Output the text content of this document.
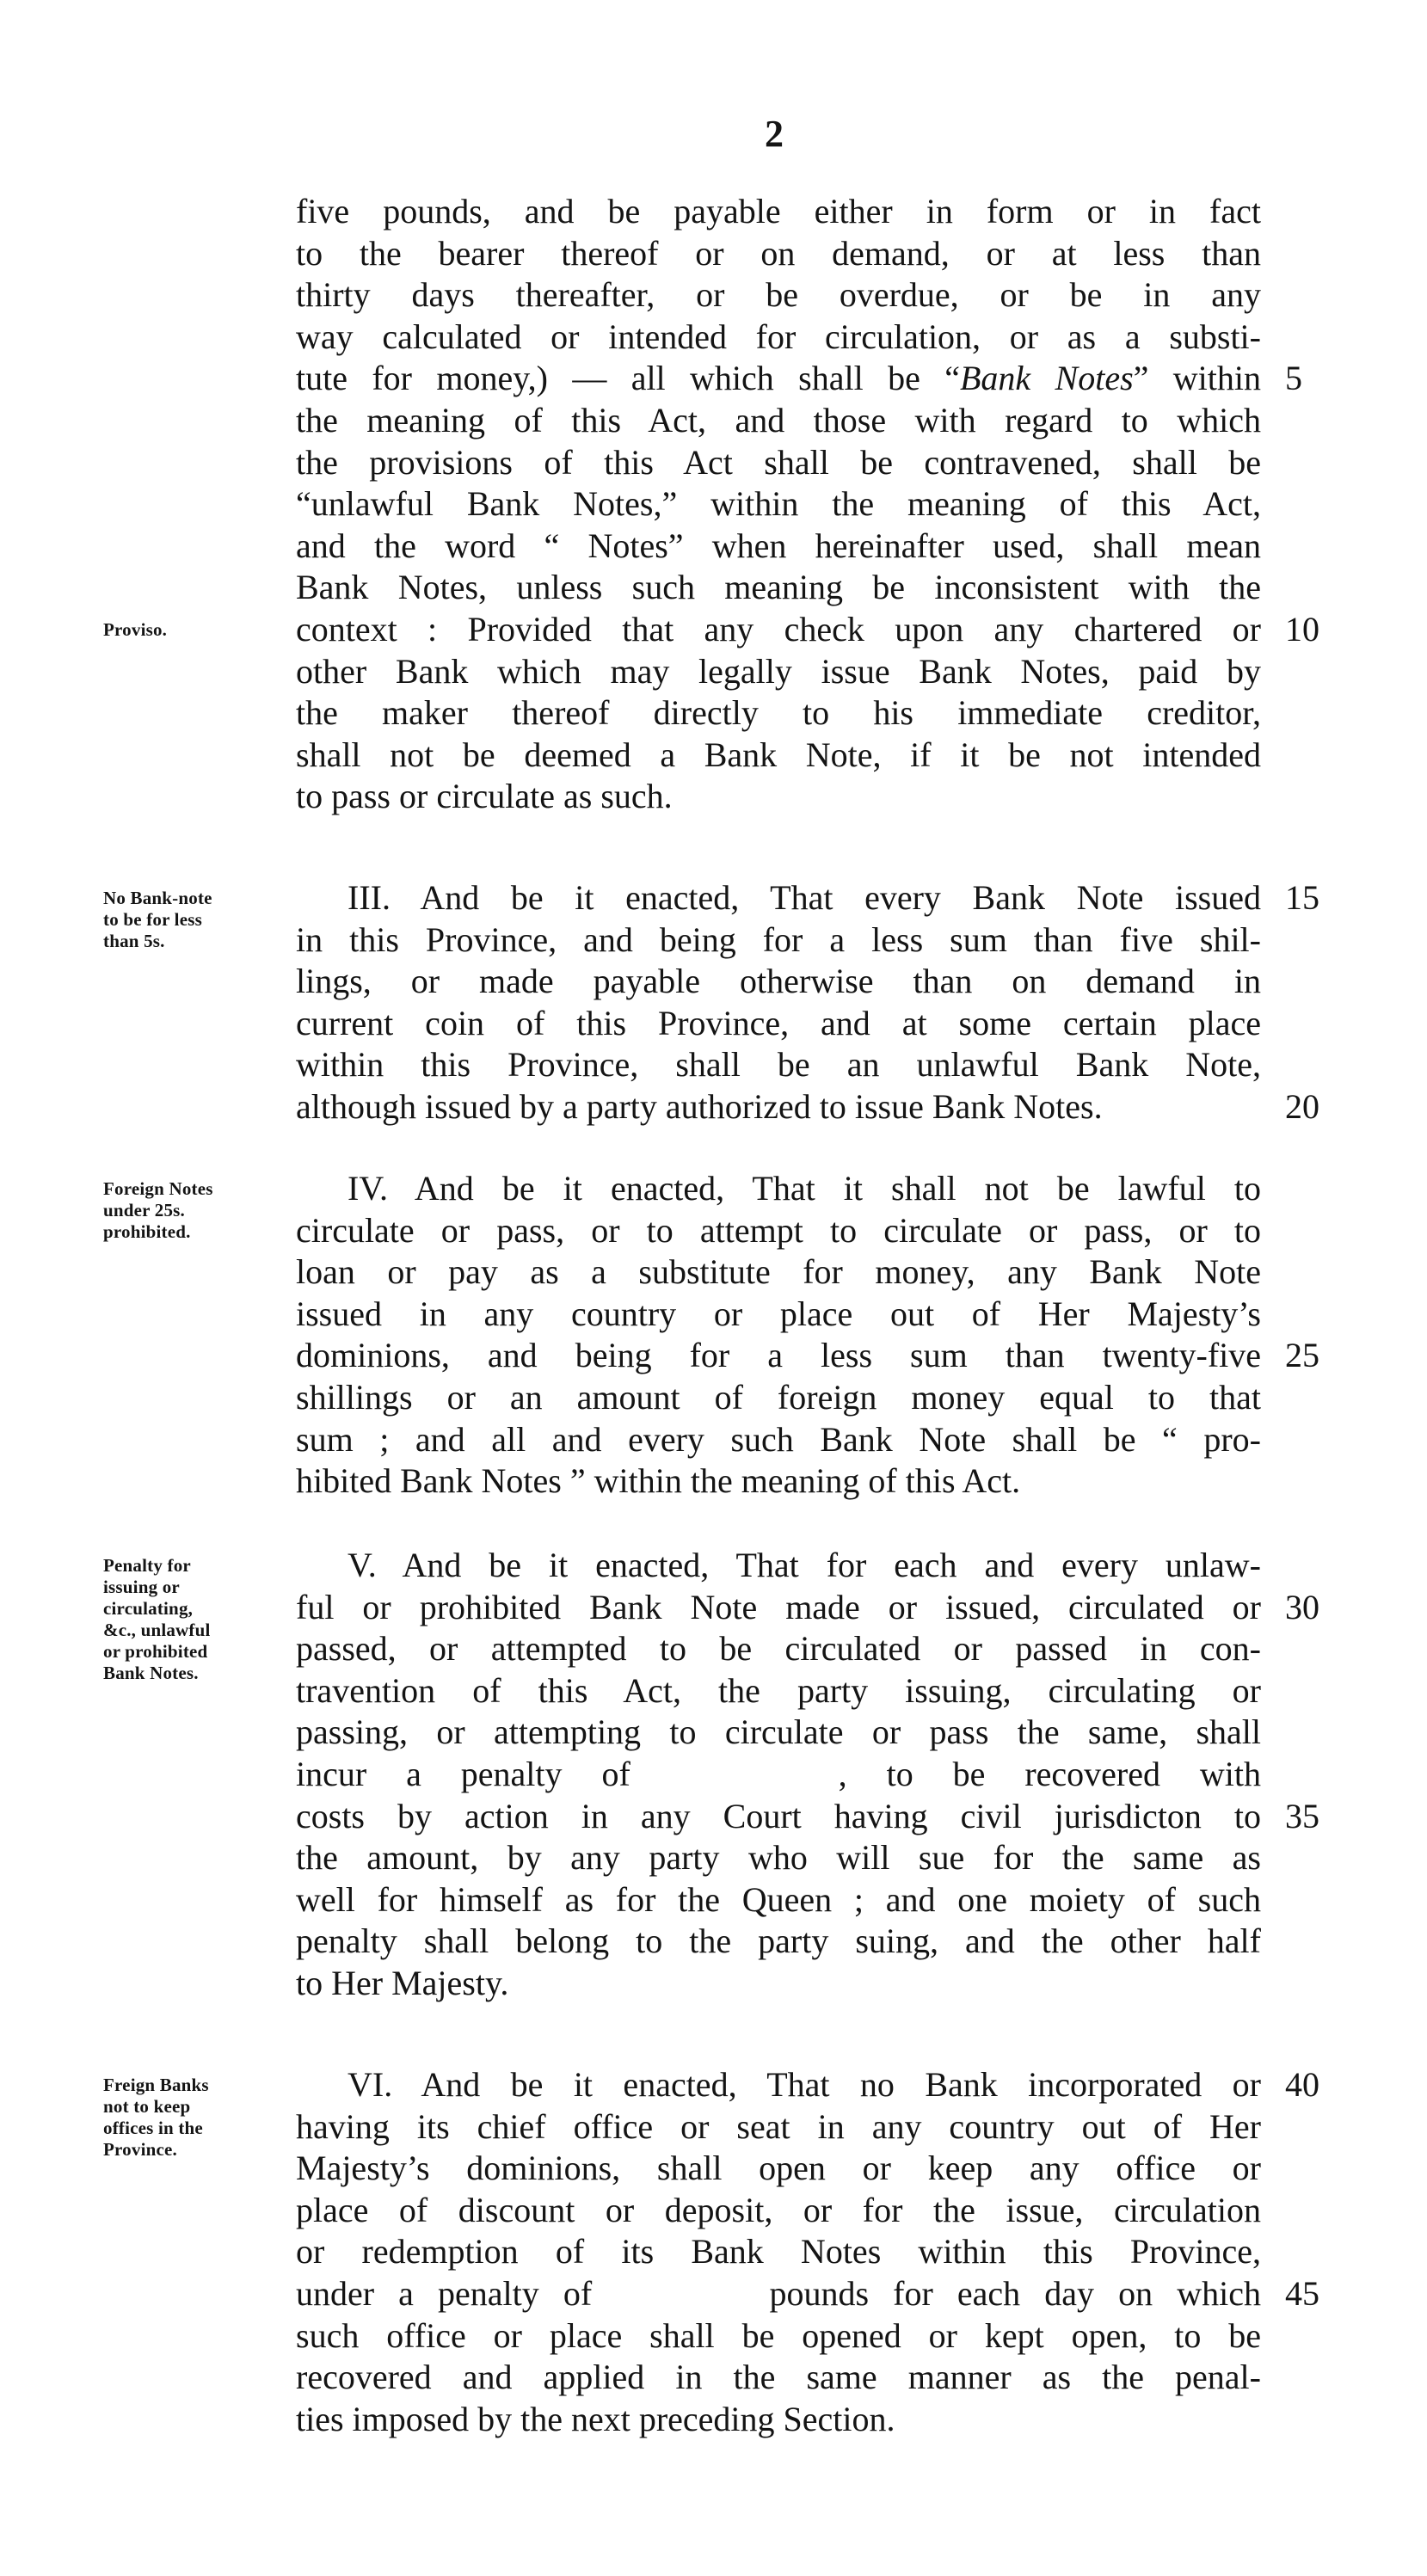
2
Proviso.
five pounds, and be payable either in form or in fact
to the bearer thereof or on demand, or at less than
thirty days thereafter, or be overdue, or be in any
way calculated or intended for circulation, or as a substi-
tute for money,) — all which shall be “Bank Notes” within 5
the meaning of this Act, and those with regard to which
the provisions of this Act shall be contravened, shall be
“unlawful Bank Notes,” within the meaning of this Act,
and the word “ Notes” when hereinafter used, shall mean
Bank Notes, unless such meaning be inconsistent with the
context : Provided that any check upon any chartered or 10
other Bank which may legally issue Bank Notes, paid by
the maker thereof directly to his immediate creditor,
shall not be deemed a Bank Note, if it be not intended
to pass or circulate as such.
No Bank-note
to be for less
than 5s.
III. And be it enacted, That every Bank Note issued 15
in this Province, and being for a less sum than five shil-
lings, or made payable otherwise than on demand in
current coin of this Province, and at some certain place
within this Province, shall be an unlawful Bank Note,
although issued by a party authorized to issue Bank Notes.	20
Foreign Notes
under 25s.
prohibited.
IV. And be it enacted, That it shall not be lawful to
circulate or pass, or to attempt to circulate or pass, or to
loan or pay as a substitute for money, any Bank Note
issued in any country or place out of Her Majesty’s
dominions, and being for a less sum than twenty-five 25
shillings or an amount of foreign money equal to that
sum ; and all and every such Bank Note shall be “ pro-
hibited Bank Notes ” within the meaning of this Act.
Penalty for
issuing or
circulating,
&c., unlawful
or prohibited
Bank Notes.
V. And be it enacted, That for each and every unlaw-
ful or prohibited Bank Note made or issued, circulated or 30
passed, or attempted to be circulated or passed in con-
travention of this Act, the party issuing, circulating or
passing, or attempting to circulate or pass the same, shall
incur a penalty of	, to be recovered with
costs by action in any Court having civil jurisdicton to 35
the amount, by any party who will sue for the same as
well for himself as for the Queen ; and one moiety of such
penalty shall belong to the party suing, and the other half
to Her Majesty.
Freign Banks
not to keep
offices in the
Province.
VI. And be it enacted, That no Bank incorporated or 40
having its chief office or seat in any country out of Her
Majesty’s dominions, shall open or keep any office or
place of discount or deposit, or for the issue, circulation
or redemption of its Bank Notes within this Province,
under a penalty of	pounds for each day on which 45
such office or place shall be opened or kept open, to be
recovered and applied in the same manner as the penal-
ties imposed by the next preceding Section.
